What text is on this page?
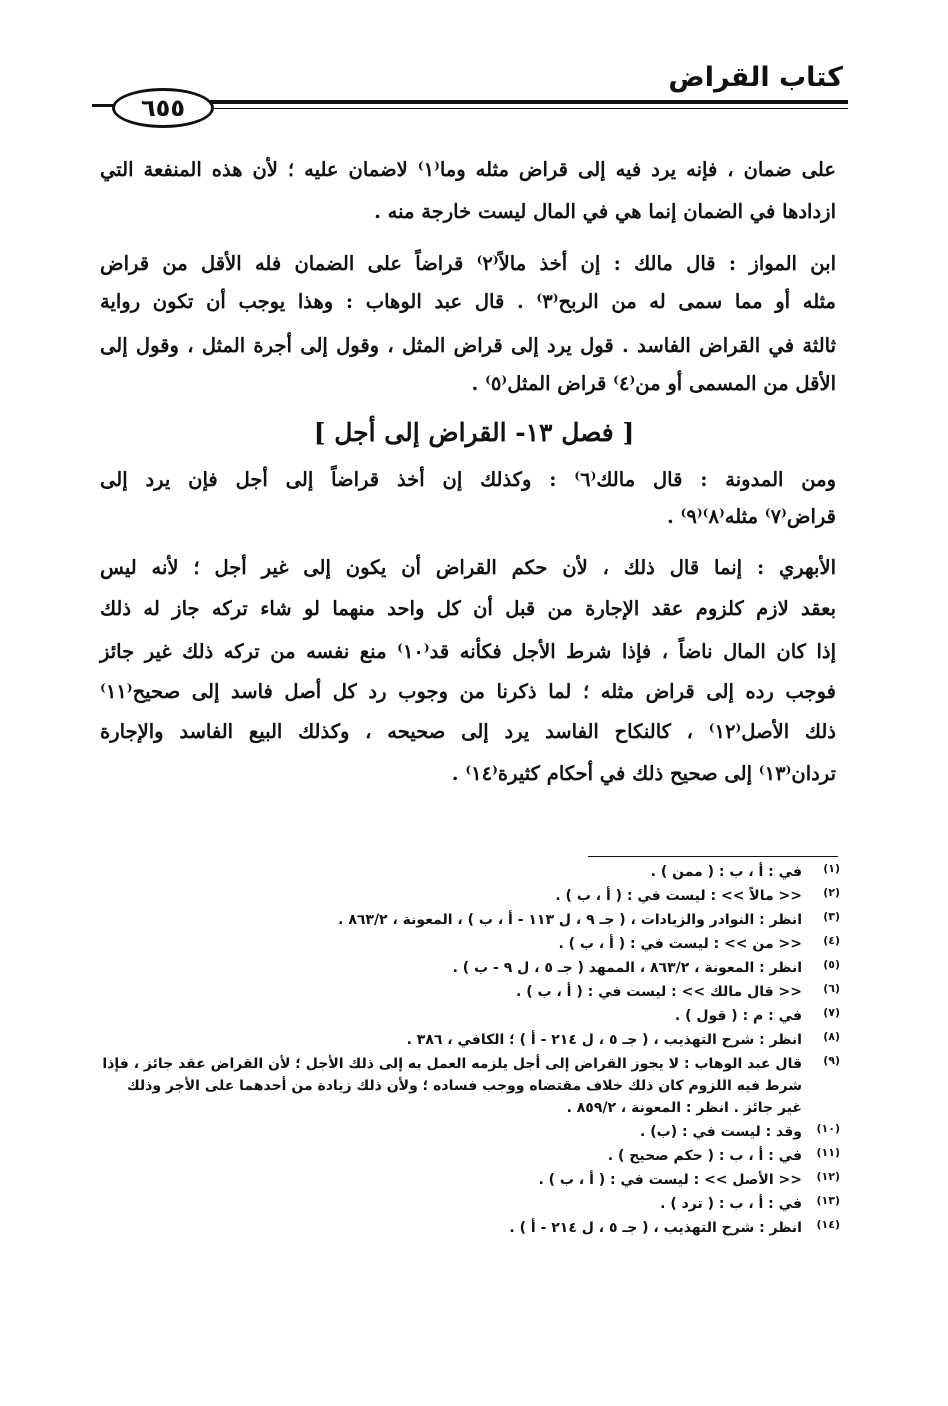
كتاب القراض
٦٥٥
على ضمان ، فإنه يرد فيه إلى قراض مثله وما⁽١⁾ لاضمان عليه ؛ لأن هذه المنفعة التي
ازدادها في الضمان إنما هي في المال ليست خارجة منه .
ابن المواز : قال مالك : إن أخذ مالاً⁽٢⁾ قراضاً على الضمان فله الأقل من قراض
مثله أو مما سمى له من الربح⁽٣⁾ . قال عبد الوهاب : وهذا يوجب أن تكون رواية
ثالثة في القراض الفاسد . قول يرد إلى قراض المثل ، وقول إلى أجرة المثل ، وقول إلى
الأقل من المسمى أو من⁽٤⁾ قراض المثل⁽٥⁾ .
[ فصل ١٣- القراض إلى أجل ]
ومن المدونة : قال مالك⁽٦⁾ : وكذلك إن أخذ قراضاً إلى أجل فإن يرد إلى
قراض⁽٧⁾ مثله⁽٨⁾⁽٩⁾ .
الأبهري : إنما قال ذلك ، لأن حكم القراض أن يكون إلى غير أجل ؛ لأنه ليس
بعقد لازم كلزوم عقد الإجارة من قبل أن كل واحد منهما لو شاء تركه جاز له ذلك
إذا كان المال ناضاً ، فإذا شرط الأجل فكأنه قد⁽١٠⁾ منع نفسه من تركه ذلك غير جائز
فوجب رده إلى قراض مثله ؛ لما ذكرنا من وجوب رد كل أصل فاسد إلى صحيح⁽١١⁾
ذلك الأصل⁽١٢⁾ ، كالنكاح الفاسد يرد إلى صحيحه ، وكذلك البيع الفاسد والإجارة
تردان⁽١٣⁾ إلى صحيح ذلك في أحكام كثيرة⁽١٤⁾ .
(١)
في : أ ، ب : ( ممن ) .
(٢)
<< مالاً >> : ليست في : ( أ ، ب ) .
(٣)
انظر : النوادر والزيادات ، ( جـ ٩ ، ل ١١٣ - أ ، ب ) ، المعونة ، ٨٦٣/٢ .
(٤)
<< من >> : ليست في : ( أ ، ب ) .
(٥)
انظر : المعونة ، ٨٦٣/٢ ، الممهد ( جـ ٥ ، ل ٩ - ب ) .
(٦)
<< قال مالك >> : ليست في : ( أ ، ب ) .
(٧)
في : م : ( قول ) .
(٨)
انظر : شرح التهذيب ، ( جـ ٥ ، ل ٢١٤ - أ ) ؛ الكافي ، ٣٨٦ .
(٩)
قال عبد الوهاب : لا يجوز القراض إلى أجل يلزمه العمل به إلى ذلك الأجل ؛ لأن القراض عقد جائز ، فإذا
شرط فيه اللزوم كان ذلك خلاف مقتضاه ووجب فساده ؛ ولأن ذلك زيادة من أحدهما على الأجر وذلك
غير جائز . انظر : المعونة ، ٨٥٩/٢ .
(١٠)
وقد : ليست في : (ب) .
(١١)
في : أ ، ب : ( حكم صحيح ) .
(١٢)
<< الأصل >> : ليست في : ( أ ، ب ) .
(١٣)
في : أ ، ب : ( ترد ) .
(١٤)
انظر : شرح التهذيب ، ( جـ ٥ ، ل ٢١٤ - أ ) .
